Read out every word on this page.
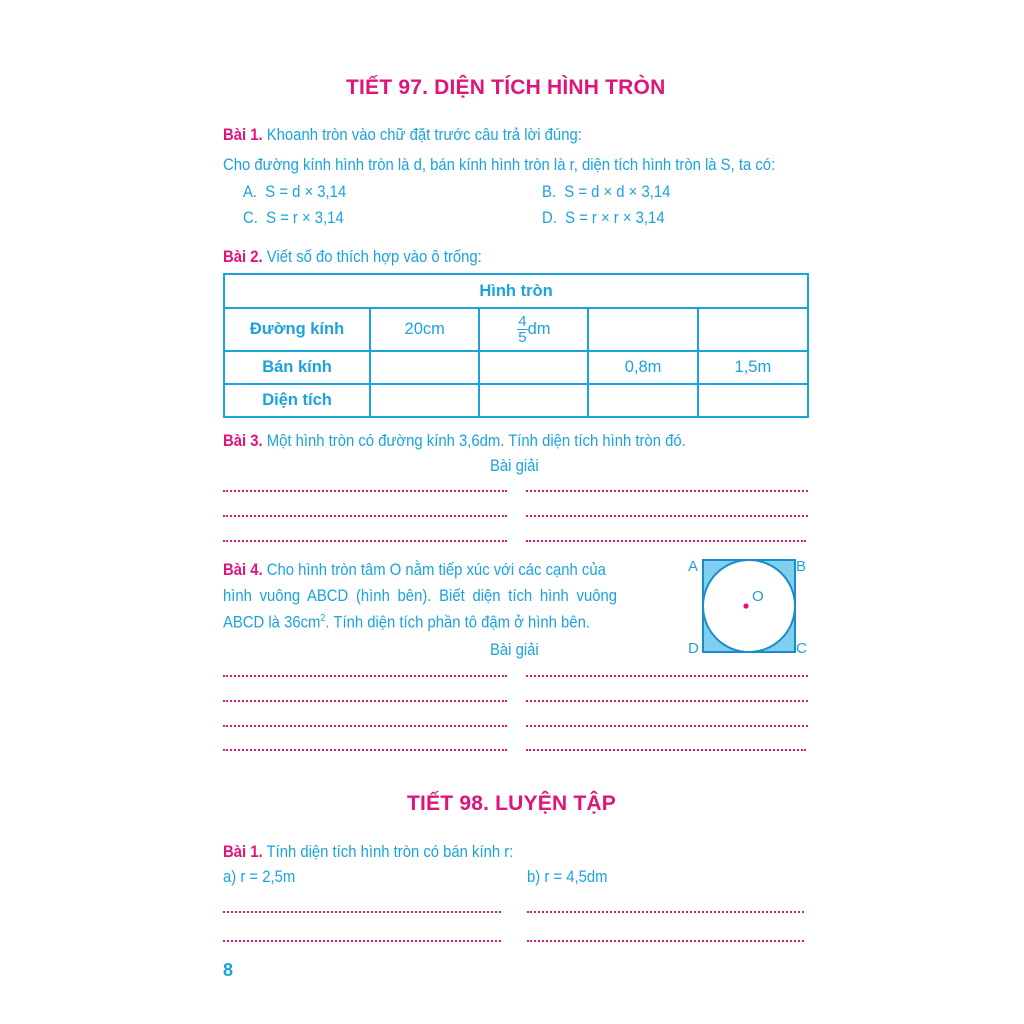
TIẾT 97. DIỆN TÍCH HÌNH TRÒN
Bài 1. Khoanh tròn vào chữ đặt trước câu trả lời đúng:
Cho đường kính hình tròn là d, bán kính hình tròn là r, diện tích hình tròn là S, ta có:
A. S = d × 3,14	B. S = d × d × 3,14
C. S = r × 3,14	D. S = r × r × 3,14
Bài 2. Viết số đo thích hợp vào ô trống:
Hình tròn				
Đường kính	20cm	$\frac{4}{5}$ dm		
Bán kính			0,8m	1,5m
Diện tích				
Bài 3. Một hình tròn có đường kính 3,6dm. Tính diện tích hình tròn đó.
Bài giải
Bài 4. Cho hình tròn tâm O nằm tiếp xúc với các cạnh của
hình vuông ABCD (hình bên). Biết diện tích hình vuông
ABCD là $36cm^2$. Tính diện tích phần tô đậm ở hình bên.
Bài giải
A	B
C
D
O
TIẾT 98. LUYỆN TẬP
Bài 1. Tính diện tích hình tròn có bán kính r:
a) r = 2,5m	b) r = 4,5dm
8
